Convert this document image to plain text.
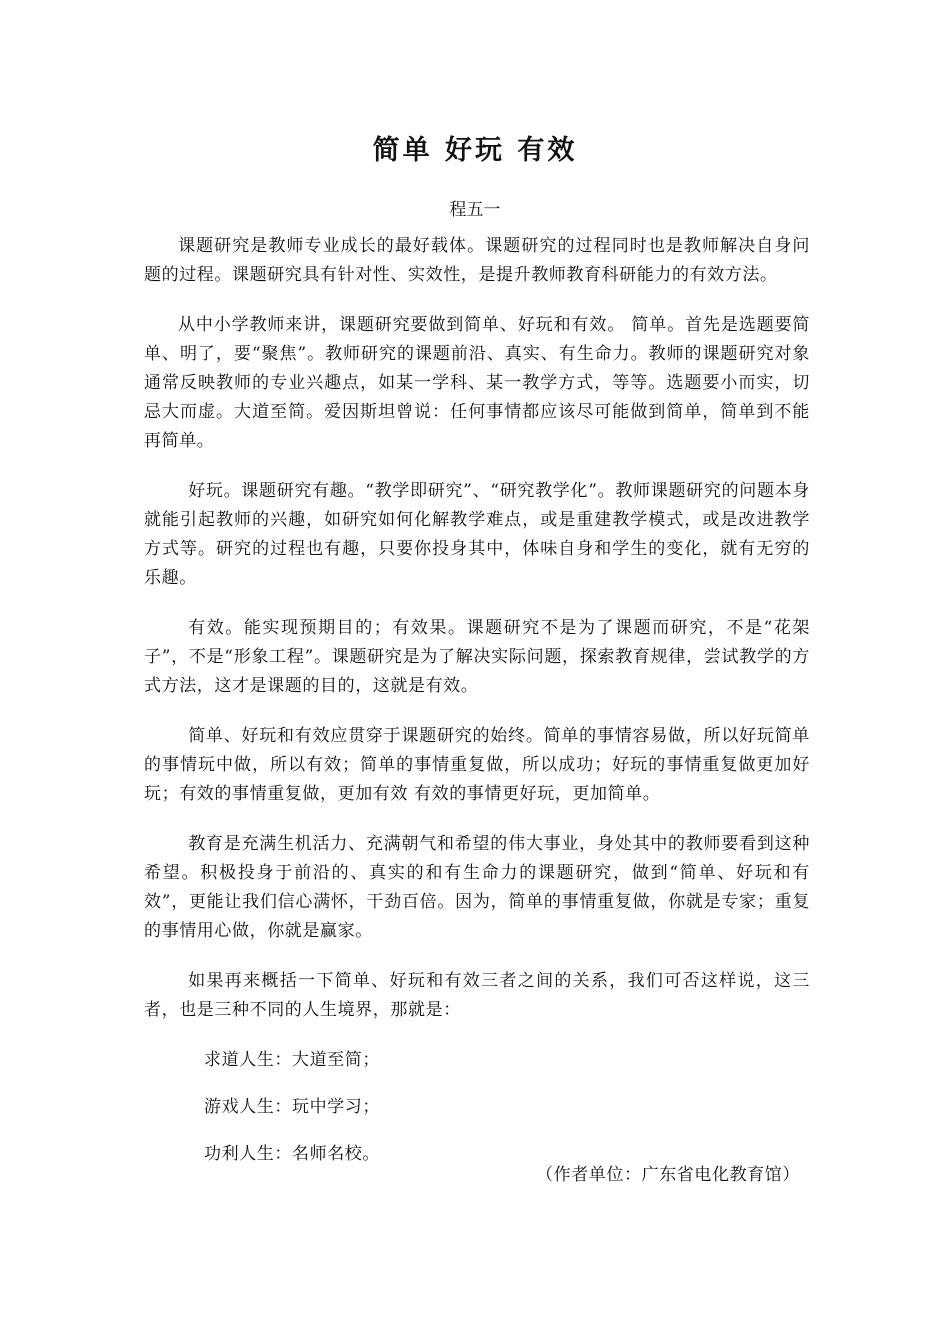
简单 好玩 有效

程五一

课题研究是教师专业成长的最好载体。课题研究的过程同时也是教师解决自身问题的过程。课题研究具有针对性、实效性，是提升教师教育科研能力的有效方法。

从中小学教师来讲，课题研究要做到简单、好玩和有效。 简单。首先是选题要简单、明了，要“聚焦”。教师研究的课题前沿、真实、有生命力。教师的课题研究对象通常反映教师的专业兴趣点，如某一学科、某一教学方式，等等。选题要小而实，切忌大而虚。大道至简。爱因斯坦曾说：任何事情都应该尽可能做到简单，简单到不能再简单。

好玩。课题研究有趣。“教学即研究”、“研究教学化”。教师课题研究的问题本身就能引起教师的兴趣，如研究如何化解教学难点，或是重建教学模式，或是改进教学方式等。研究的过程也有趣，只要你投身其中，体味自身和学生的变化，就有无穷的乐趣。

有效。能实现预期目的；有效果。课题研究不是为了课题而研究，不是“花架子”，不是“形象工程”。课题研究是为了解决实际问题，探索教育规律，尝试教学的方式方法，这才是课题的目的，这就是有效。

简单、好玩和有效应贯穿于课题研究的始终。简单的事情容易做，所以好玩简单的事情玩中做，所以有效；简单的事情重复做，所以成功；好玩的事情重复做更加好玩；有效的事情重复做，更加有效 有效的事情更好玩，更加简单。

教育是充满生机活力、充满朝气和希望的伟大事业，身处其中的教师要看到这种希望。积极投身于前沿的、真实的和有生命力的课题研究，做到“简单、好玩和有效”，更能让我们信心满怀，干劲百倍。因为，简单的事情重复做，你就是专家；重复的事情用心做，你就是赢家。

如果再来概括一下简单、好玩和有效三者之间的关系，我们可否这样说，这三者，也是三种不同的人生境界，那就是：

求道人生：大道至简；
游戏人生：玩中学习；
功利人生：名师名校。

（作者单位：广东省电化教育馆）
